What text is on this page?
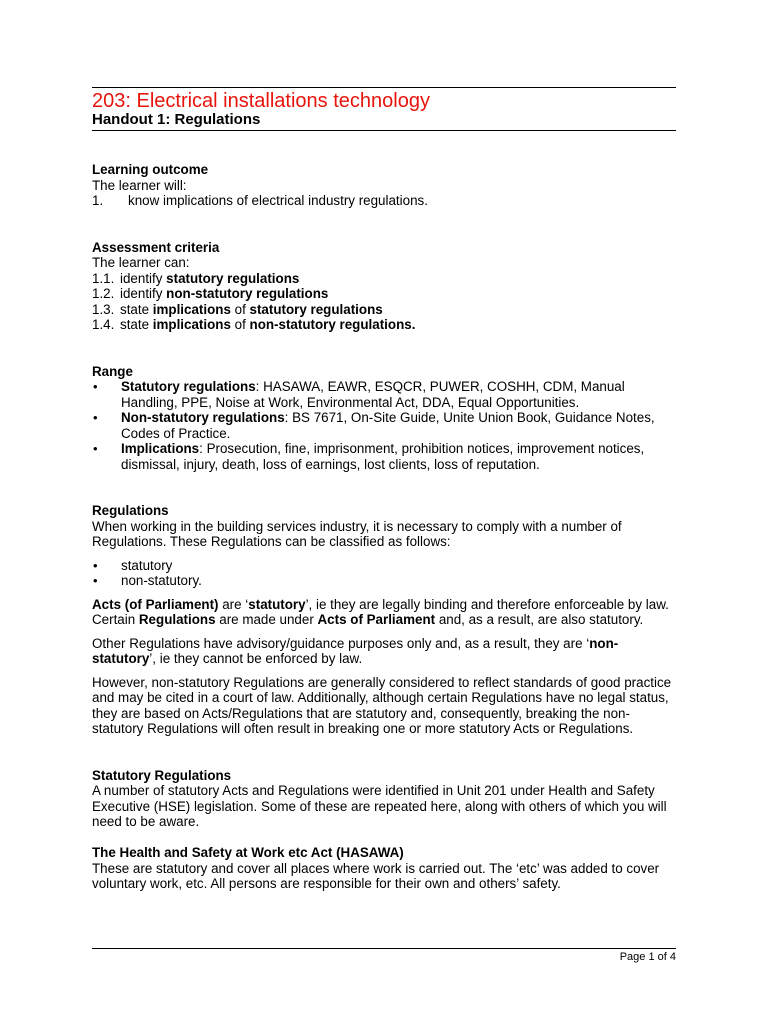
203: Electrical installations technology
Handout 1: Regulations

Learning outcome

The learner will:

1.	know implications of electrical industry regulations.

Assessment criteria

The learner can:

1.1. identify statutory regulations
1.2. identify non-statutory regulations
1.3. state implications of statutory regulations
1.4. state implications of non-statutory regulations.

Range

•	Statutory regulations: HASAWA, EAWR, ESQCR, PUWER, COSHH, CDM, Manual Handling, PPE, Noise at Work, Environmental Act, DDA, Equal Opportunities.
•	Non-statutory regulations: BS 7671, On-Site Guide, Unite Union Book, Guidance Notes, Codes of Practice.
•	Implications: Prosecution, fine, imprisonment, prohibition notices, improvement notices, dismissal, injury, death, loss of earnings, lost clients, loss of reputation.

Regulations

When working in the building services industry, it is necessary to comply with a number of Regulations. These Regulations can be classified as follows:

•	statutory
•	non-statutory.

Acts (of Parliament) are ‘statutory’, ie they are legally binding and therefore enforceable by law. Certain Regulations are made under Acts of Parliament and, as a result, are also statutory.

Other Regulations have advisory/guidance purposes only and, as a result, they are ‘non-statutory’, ie they cannot be enforced by law.

However, non-statutory Regulations are generally considered to reflect standards of good practice and may be cited in a court of law. Additionally, although certain Regulations have no legal status, they are based on Acts/Regulations that are statutory and, consequently, breaking the non-statutory Regulations will often result in breaking one or more statutory Acts or Regulations.

Statutory Regulations

A number of statutory Acts and Regulations were identified in Unit 201 under Health and Safety Executive (HSE) legislation. Some of these are repeated here, along with others of which you will need to be aware.

The Health and Safety at Work etc Act (HASAWA)

These are statutory and cover all places where work is carried out. The ‘etc’ was added to cover voluntary work, etc. All persons are responsible for their own and others’ safety.

Page 1 of 4
